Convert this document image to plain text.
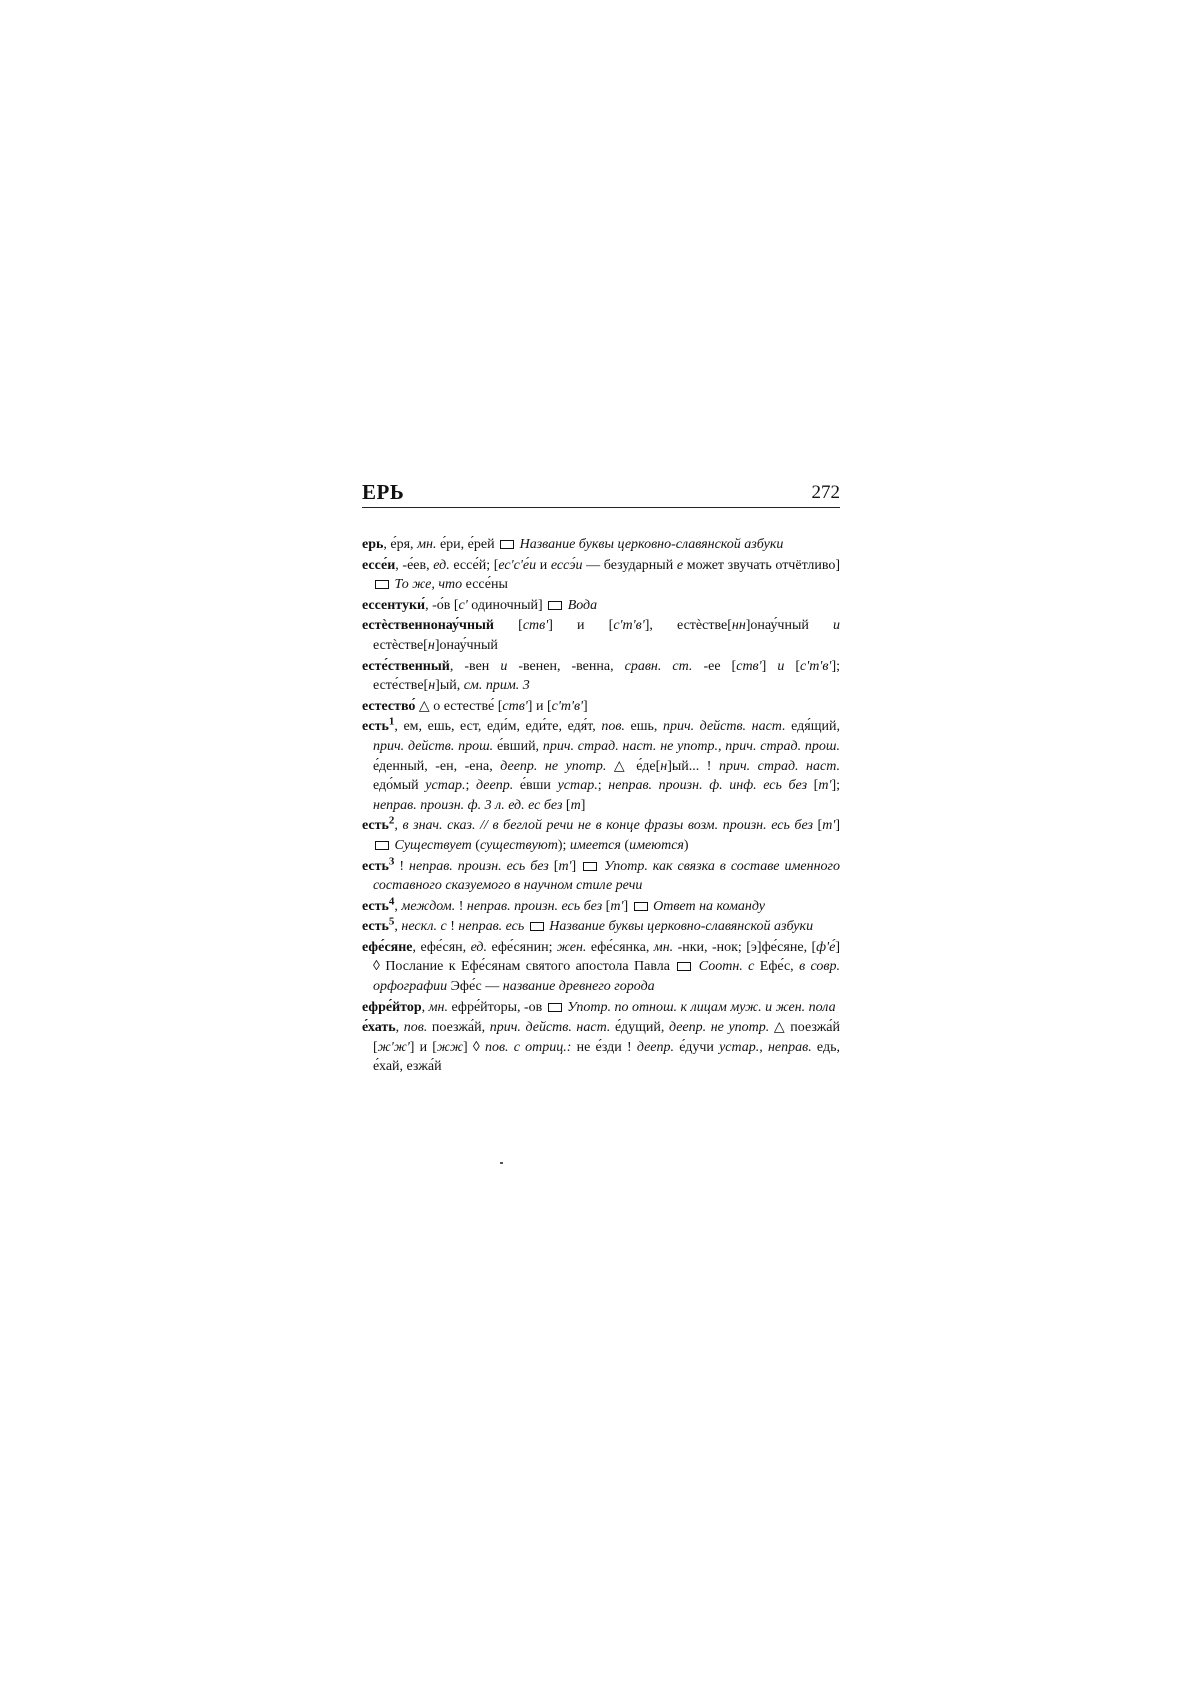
ЕРЬ	272

ерь, е́ря, мн. е́ри, е́рей  Название буквы церковно-славянской азбуки

ессе́и, -е́ев, ед. ессе́й; [ес'с'е́и и ессэ́и — безударный е может звучать отчётливо]  То же, что ессе́ны

ессентуки́, -о́в [с' одиночный]  Вода

естѐственнонау́чный [ств'] и [с'т'в'], естѐстве[нн]онау́чный и естѐстве[н]онау́чный

есте́ственный, -вен и -венен, -венна, сравн. ст. -ее [ств'] и [с'т'в']; есте́стве[н]ый, см. прим. 3

естество́ △ о естестве́ [ств'] и [с'т'в']

есть$^1$, ем, ешь, ест, еди́м, еди́те, едя́т, пов. ешь, прич. действ. наст. едя́щий, прич. действ. прош. е́вший, прич. страд. наст. не употр., прич. страд. прош. е́денный, -ен, -ена, деепр. не употр. △ е́де[н]ый... ! прич. страд. наст. едо́мый устар.; деепр. е́вши устар.; неправ. произн. ф. инф. есь без [т']; неправ. произн. ф. 3 л. ед. ес без [т]

есть$^2$, в знач. сказ. // в беглой речи не в конце фразы возм. произн. есь без [т']  Существует (существуют); имеется (имеются)

есть$^3$ ! неправ. произн. есь без [т']  Употр. как связка в составе именного составного сказуемого в научном стиле речи

есть$^4$, междом. ! неправ. произн. есь без [т']  Ответ на команду

есть$^5$, нескл. с ! неправ. есь  Название буквы церковно-славянской азбуки

ефе́сяне, ефе́сян, ед. ефе́сянин; жен. ефе́сянка, мн. -нки, -нок; [э]фе́сяне, [ф'е́] ◊ Послание к Ефе́сянам святого апостола Павла  Соотн. с Ефе́с, в совр. орфографии Эфе́с — название древнего города

ефре́йтор, мн. ефре́йторы, -ов  Употр. по отнош. к лицам муж. и жен. пола

е́хать, пов. поезжа́й, прич. действ. наст. е́дущий, деепр. не употр. △ поезжа́й [ж'ж'] и [жж] ◊ пов. с отриц.: не е́зди ! деепр. е́дучи устар., неправ. едь, е́хай, езжа́й
